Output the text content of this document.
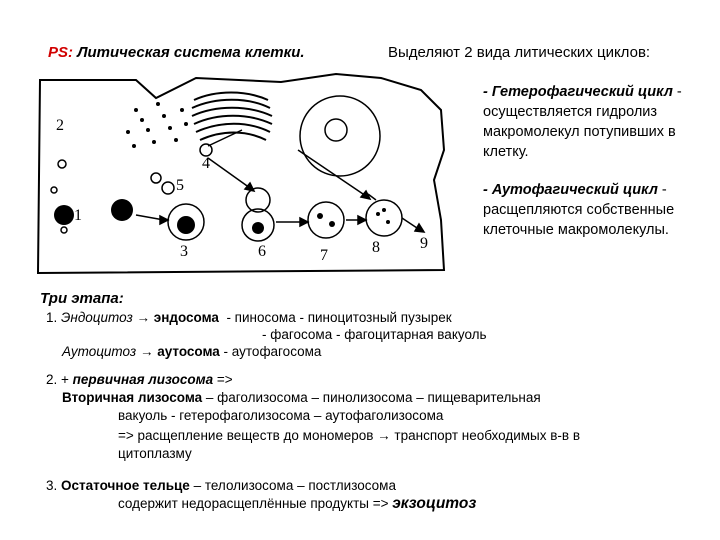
PS: Литическая система клетки.	Выделяют 2 вида литических циклов:
- Гетерофагический цикл - осуществляется гидролиз макромолекул потупивших в клетку.
- Аутофагический цикл - расщепляются собственные клеточные макромолекулы.
1
2
3
4
5
6	7	8	9
Три этапа:
1. Эндоцитоз → эндосома - пиносома - пиноцитозный пузырек
- фагосома - фагоцитарная вакуоль
Аутоцитоз → аутосома - аутофагосома
2. + первичная лизосома =>
Вторичная лизосома – фаголизосома – пинолизосома – пищеварительная
вакуоль - гетерофаголизосома – аутофаголизосома
=> расщепление веществ до мономеров → транспорт необходимых в-в в
цитоплазму
3. Остаточное тельце – телолизосома – постлизосома
содержит недорасщеплённые продукты => экзоцитоз
